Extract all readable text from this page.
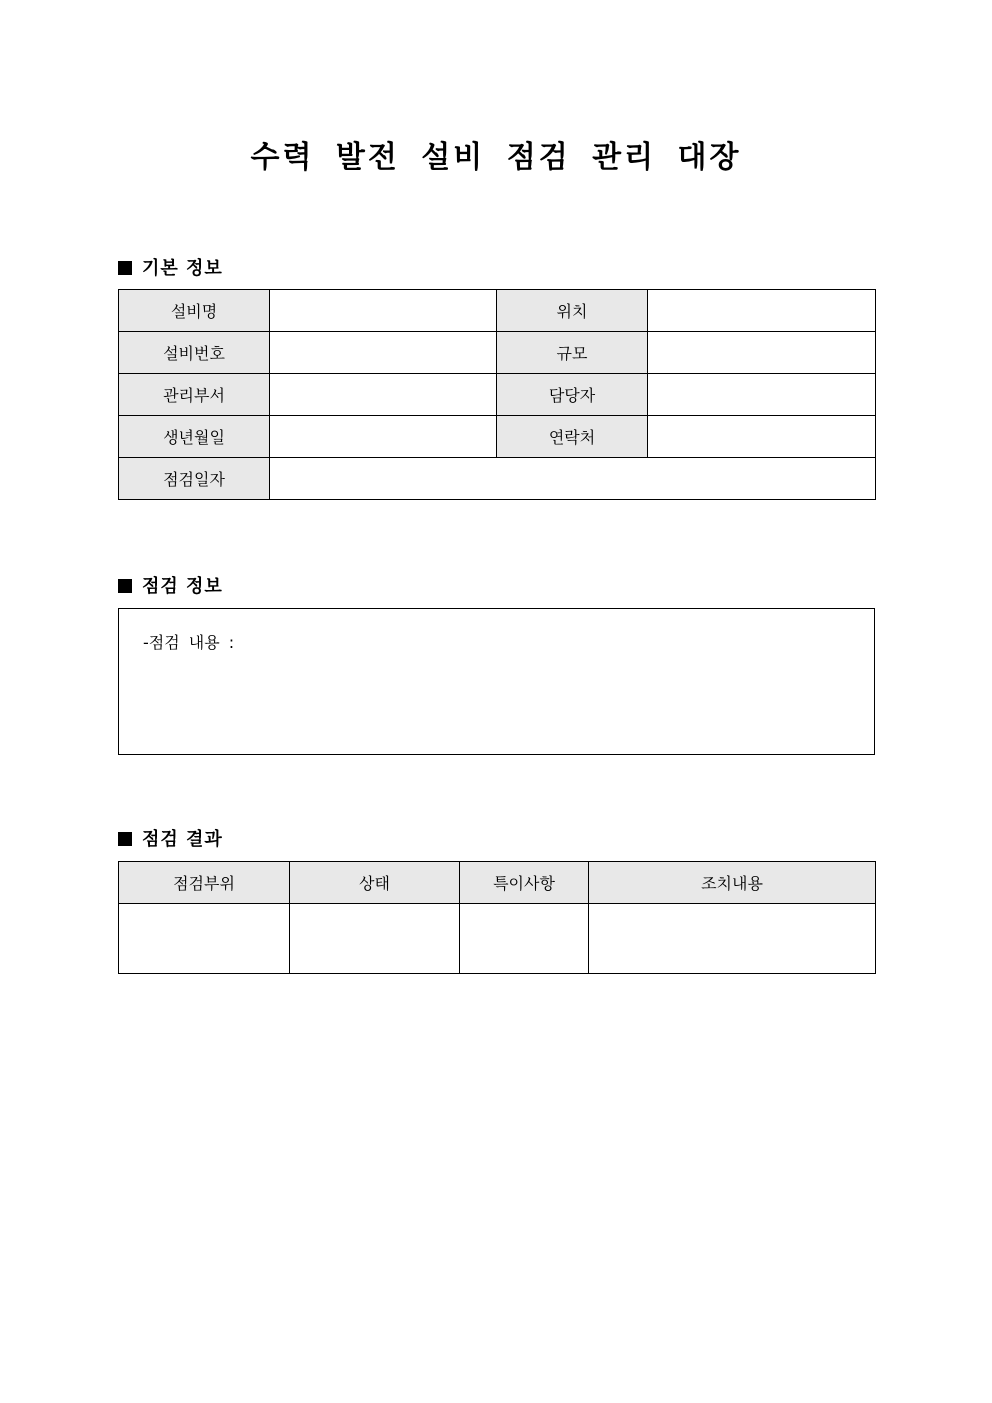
수력 발전 설비 점검 관리 대장
기본 정보
설비명		위치	
설비번호		규모	
관리부서		담당자	
생년월일		연락처	
점검일자			
점검 정보
-점검 내용 :
점검 결과
점검부위	상태	특이사항	조치내용
